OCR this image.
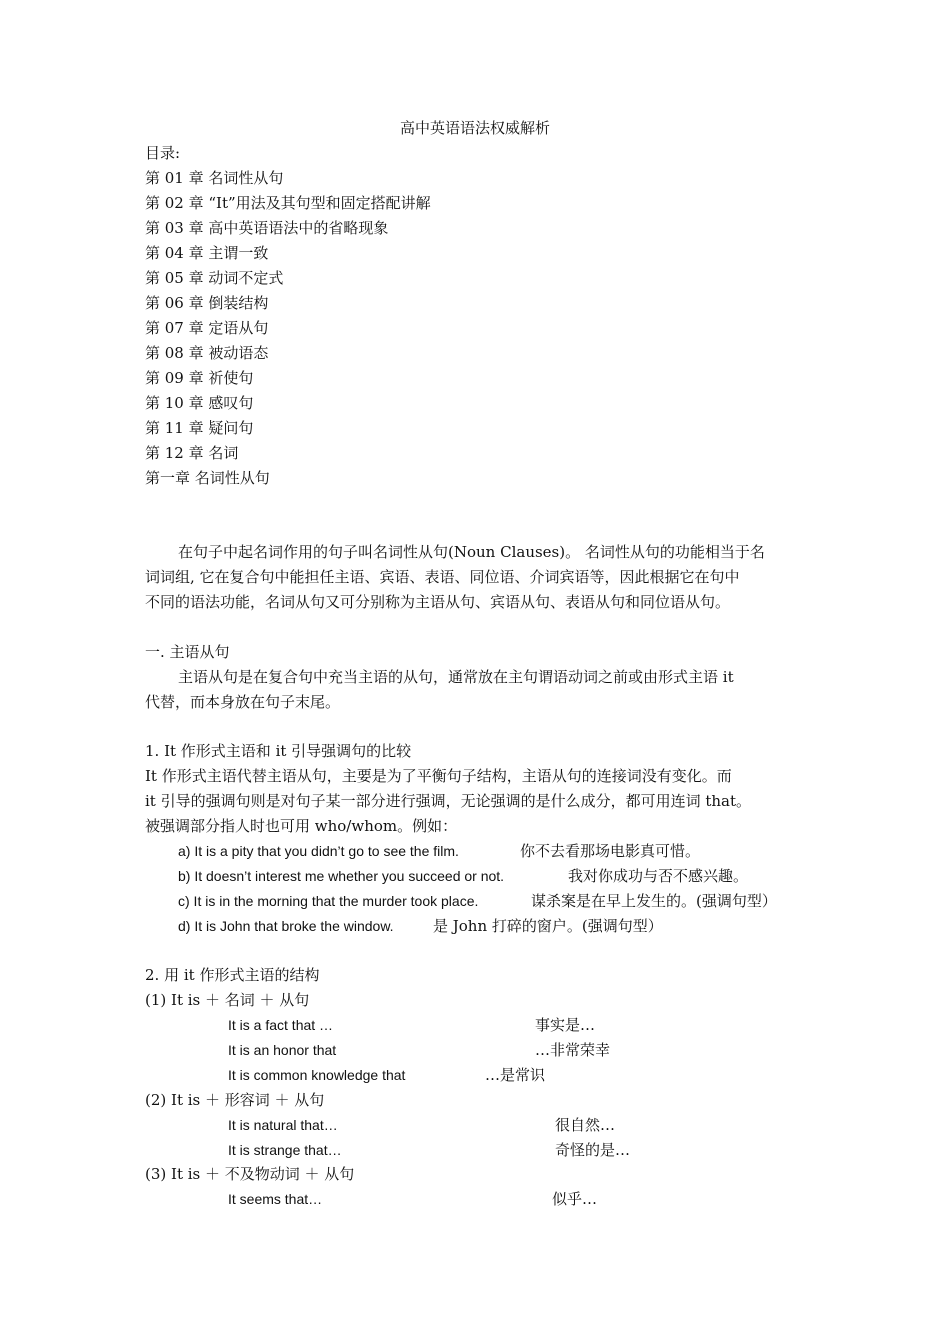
高中英语语法权威解析
目录:
第 01 章 名词性从句
第 02 章 “It”用法及其句型和固定搭配讲解
第 03 章 高中英语语法中的省略现象
第 04 章 主谓一致
第 05 章 动词不定式
第 06 章 倒装结构
第 07 章 定语从句
第 08 章 被动语态
第 09 章 祈使句
第 10 章 感叹句
第 11 章 疑问句
第 12 章 名词
第一章 名词性从句
在句子中起名词作用的句子叫名词性从句(Noun Clauses)。 名词性从句的功能相当于名
词词组, 它在复合句中能担任主语、宾语、表语、同位语、介词宾语等，因此根据它在句中
不同的语法功能，名词从句又可分别称为主语从句、宾语从句、表语从句和同位语从句。
一. 主语从句
主语从句是在复合句中充当主语的从句，通常放在主句谓语动词之前或由形式主语 it
代替，而本身放在句子末尾。
1. It 作形式主语和 it 引导强调句的比较
It 作形式主语代替主语从句，主要是为了平衡句子结构，主语从句的连接词没有变化。而
it 引导的强调句则是对句子某一部分进行强调，无论强调的是什么成分，都可用连词 that。
被强调部分指人时也可用 who/whom。例如：
a) It is a pity that you didn’t go to see the film.	你不去看那场电影真可惜。
b) It doesn’t interest me whether you succeed or not.	我对你成功与否不感兴趣。
c) It is in the morning that the murder took place.	谋杀案是在早上发生的。(强调句型）
d) It is John that broke the window.	是 John 打碎的窗户。(强调句型）
2. 用 it 作形式主语的结构
(1) It is ＋ 名词 ＋ 从句
It is a fact that …	事实是…
It is an honor that	…非常荣幸
It is common knowledge that	…是常识
(2) It is ＋ 形容词 ＋ 从句
It is natural that…	很自然…
It is strange that…	奇怪的是…
(3) It is ＋ 不及物动词 ＋ 从句
It seems that…	似乎…
